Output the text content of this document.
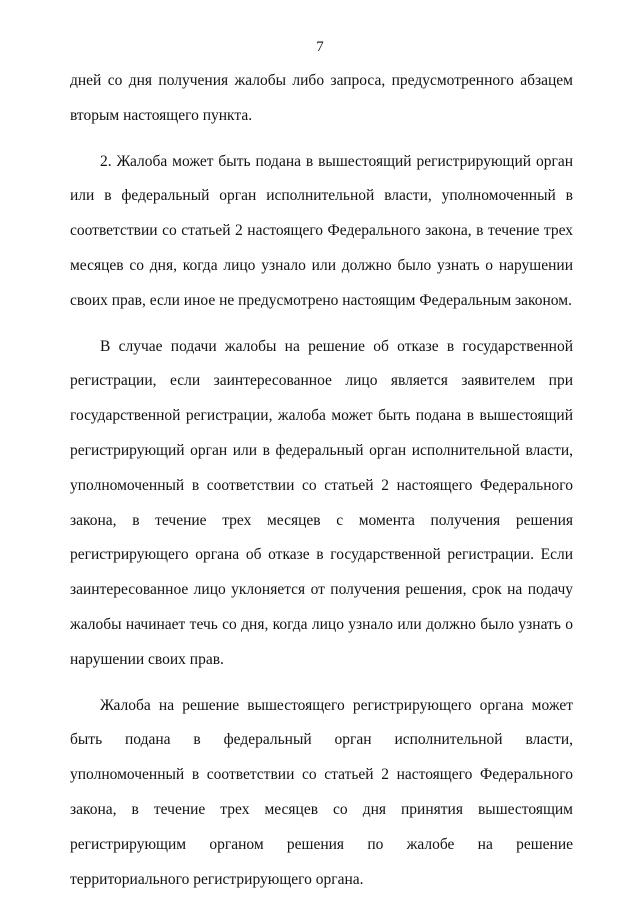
7

дней со дня получения жалобы либо запроса, предусмотренного абзацем вторым настоящего пункта.

2. Жалоба может быть подана в вышестоящий регистрирующий орган или в федеральный орган исполнительной власти, уполномоченный в соответствии со статьей 2 настоящего Федерального закона, в течение трех месяцев со дня, когда лицо узнало или должно было узнать о нарушении своих прав, если иное не предусмотрено настоящим Федеральным законом.

В случае подачи жалобы на решение об отказе в государственной регистрации, если заинтересованное лицо является заявителем при государственной регистрации, жалоба может быть подана в вышестоящий регистрирующий орган или в федеральный орган исполнительной власти, уполномоченный в соответствии со статьей 2 настоящего Федерального закона, в течение трех месяцев с момента получения решения регистрирующего органа об отказе в государственной регистрации. Если заинтересованное лицо уклоняется от получения решения, срок на подачу жалобы начинает течь со дня, когда лицо узнало или должно было узнать о нарушении своих прав.

Жалоба на решение вышестоящего регистрирующего органа может быть подана в федеральный орган исполнительной власти, уполномоченный в соответствии со статьей 2 настоящего Федерального закона, в течение трех месяцев со дня принятия вышестоящим регистрирующим органом решения по жалобе на решение территориального регистрирующего органа.
